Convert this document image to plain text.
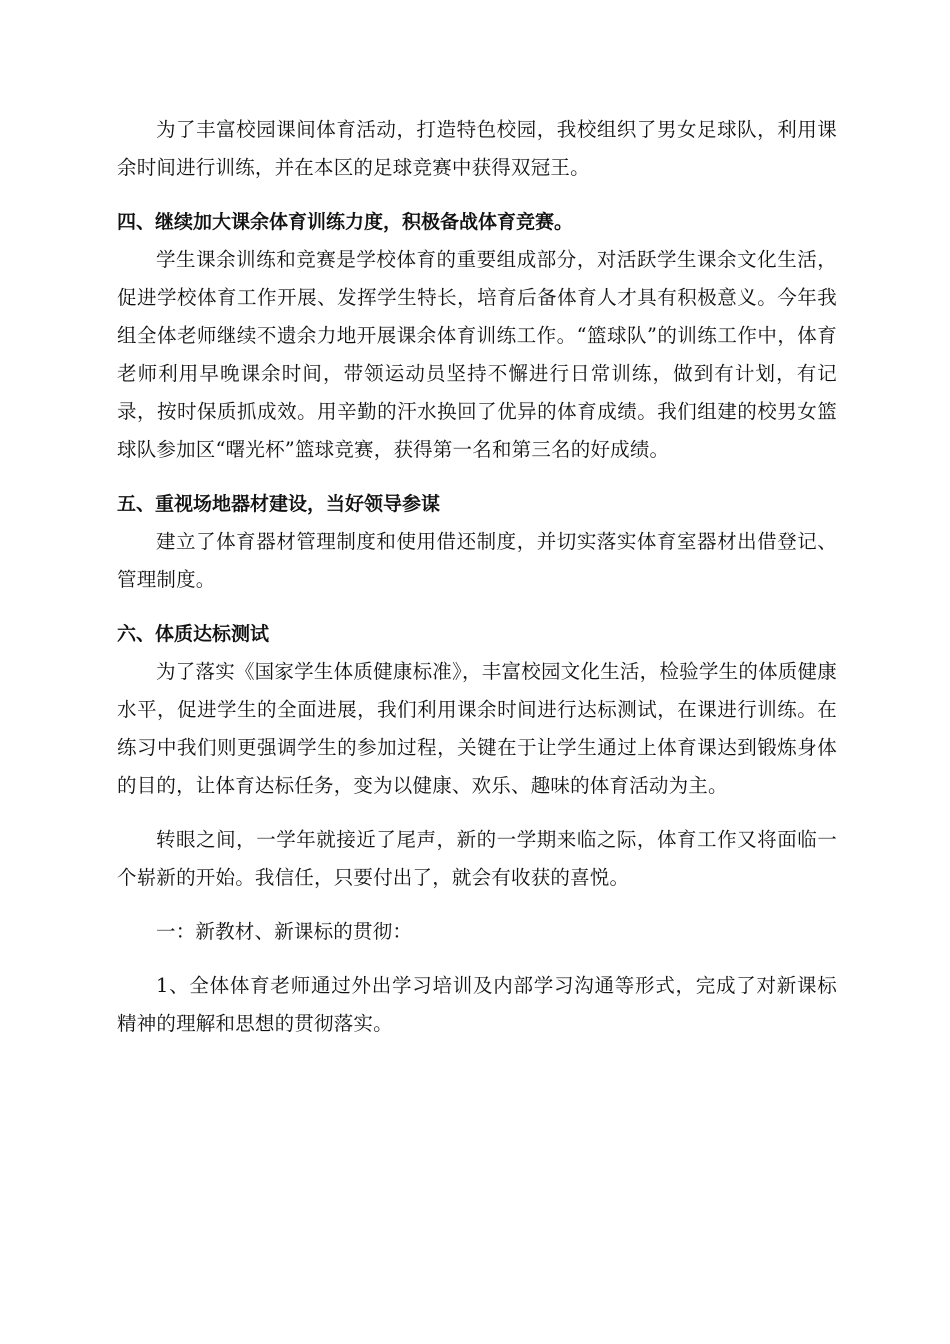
为了丰富校园课间体育活动，打造特色校园，我校组织了男女足球队，利用课余时间进行训练，并在本区的足球竞赛中获得双冠王。

四、继续加大课余体育训练力度，积极备战体育竞赛。

学生课余训练和竞赛是学校体育的重要组成部分，对活跃学生课余文化生活，促进学校体育工作开展、发挥学生特长，培育后备体育人才具有积极意义。今年我组全体老师继续不遗余力地开展课余体育训练工作。“篮球队”的训练工作中，体育老师利用早晚课余时间，带领运动员坚持不懈进行日常训练，做到有计划，有记录，按时保质抓成效。用辛勤的汗水换回了优异的体育成绩。我们组建的校男女篮球队参加区“曙光杯”篮球竞赛，获得第一名和第三名的好成绩。

五、重视场地器材建设，当好领导参谋

建立了体育器材管理制度和使用借还制度，并切实落实体育室器材出借登记、管理制度。

六、体质达标测试

为了落实《国家学生体质健康标准》，丰富校园文化生活，检验学生的体质健康水平，促进学生的全面进展，我们利用课余时间进行达标测试，在课进行训练。在练习中我们则更强调学生的参加过程，关键在于让学生通过上体育课达到锻炼身体的目的，让体育达标任务，变为以健康、欢乐、趣味的体育活动为主。

转眼之间，一学年就接近了尾声，新的一学期来临之际，体育工作又将面临一个崭新的开始。我信任，只要付出了，就会有收获的喜悦。

一：新教材、新课标的贯彻：

1、全体体育老师通过外出学习培训及内部学习沟通等形式，完成了对新课标精神的理解和思想的贯彻落实。
